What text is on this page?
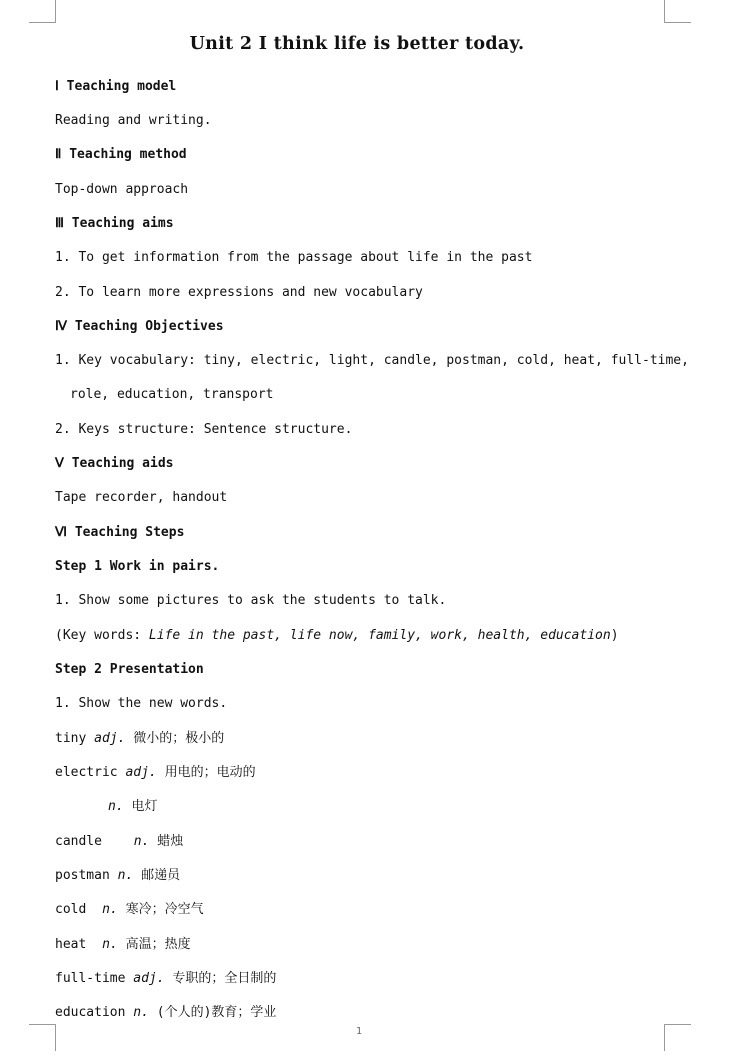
Unit 2 I think life is better today.
Ⅰ Teaching model
Reading and writing.
Ⅱ Teaching method
Top-down approach
Ⅲ Teaching aims
1. To get information from the passage about life in the past
2. To learn more expressions and new vocabulary
Ⅳ Teaching Objectives
1. Key vocabulary: tiny, electric, light, candle, postman, cold, heat, full-time,
role, education, transport
2. Keys structure: Sentence structure.
Ⅴ Teaching aids
Tape recorder, handout
Ⅵ Teaching Steps
Step 1 Work in pairs.
1. Show some pictures to ask the students to talk.
(Key words: Life in the past, life now, family, work, health, education)
Step 2 Presentation
1. Show the new words.
tiny adj. 微小的；极小的
electric adj. 用电的；电动的
n. 电灯
candle n. 蜡烛
postman n. 邮递员
cold n. 寒冷；冷空气
heat n. 高温；热度
full-time adj. 专职的；全日制的
education n. (个人的)教育；学业
1
